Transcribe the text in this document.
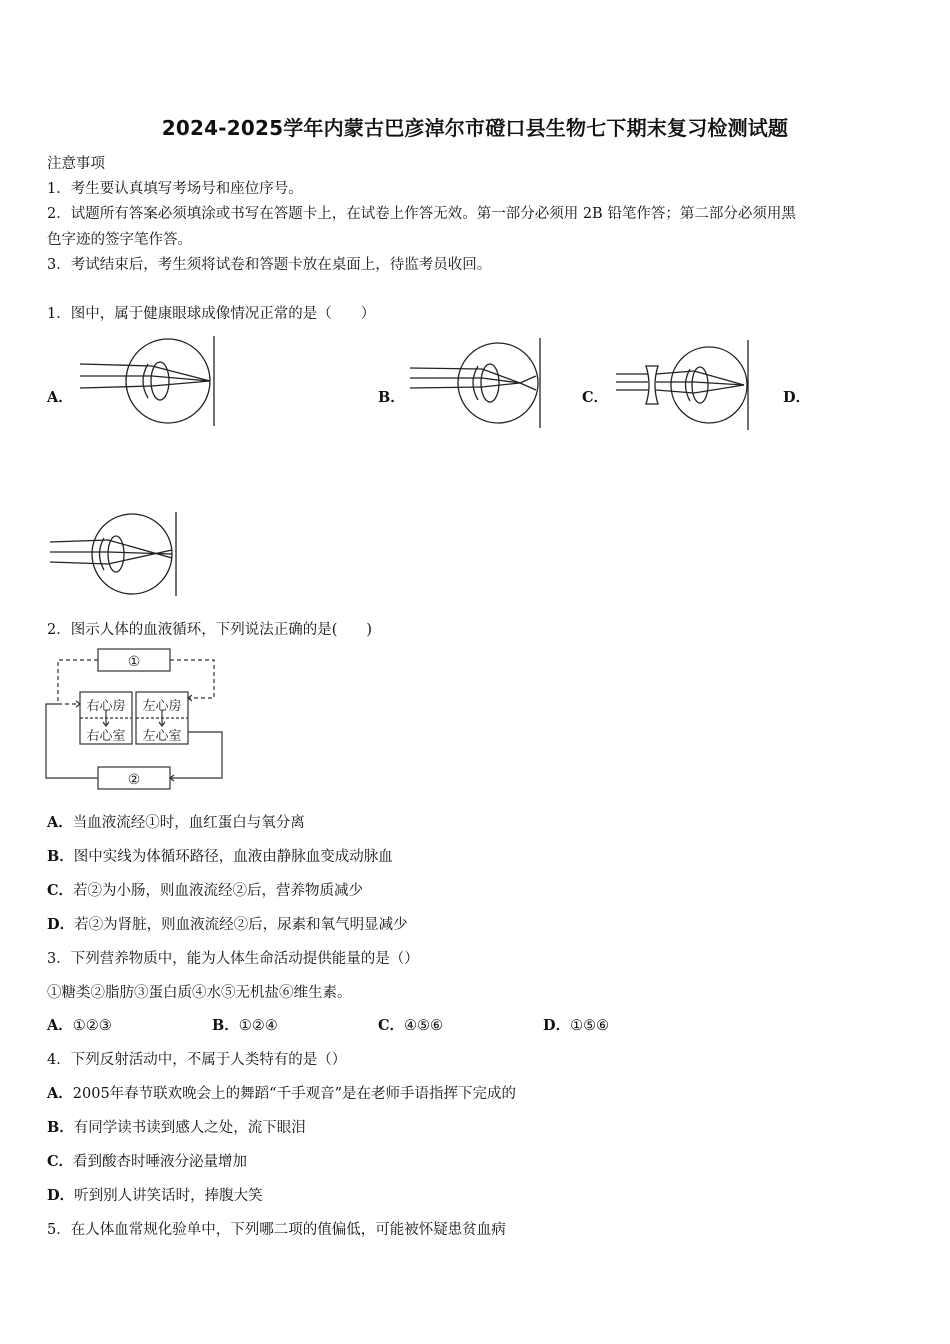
2024-2025学年内蒙古巴彦淖尔市磴口县生物七下期末复习检测试题
注意事项
1．考生要认真填写考场号和座位序号。
2．试题所有答案必须填涂或书写在答题卡上，在试卷上作答无效。第一部分必须用 2B 铅笔作答；第二部分必须用黑
色字迹的签字笔作答。
3．考试结束后，考生须将试卷和答题卡放在桌面上，待监考员收回。
1．图中，属于健康眼球成像情况正常的是（　　）
A．	B．	C．	D．
2．图示人体的血液循环，下列说法正确的是(　　)
①
②
右心房
右心室
左心房
左心室
A．当血液流经①时，血红蛋白与氧分离
B．图中实线为体循环路径，血液由静脉血变成动脉血
C．若②为小肠，则血液流经②后，营养物质减少
D．若②为肾脏，则血液流经②后，尿素和氧气明显减少
3．下列营养物质中，能为人体生命活动提供能量的是（）
①糖类②脂肪③蛋白质④水⑤无机盐⑥维生素。
A．①②③	B．①②④	C．④⑤⑥	D．①⑤⑥
4．下列反射活动中，不属于人类特有的是（）
A．2005年春节联欢晚会上的舞蹈“千手观音”是在老师手语指挥下完成的
B．有同学读书读到感人之处，流下眼泪
C．看到酸杏时唾液分泌量增加
D．听到别人讲笑话时，捧腹大笑
5．在人体血常规化验单中，下列哪二项的值偏低，可能被怀疑患贫血病
